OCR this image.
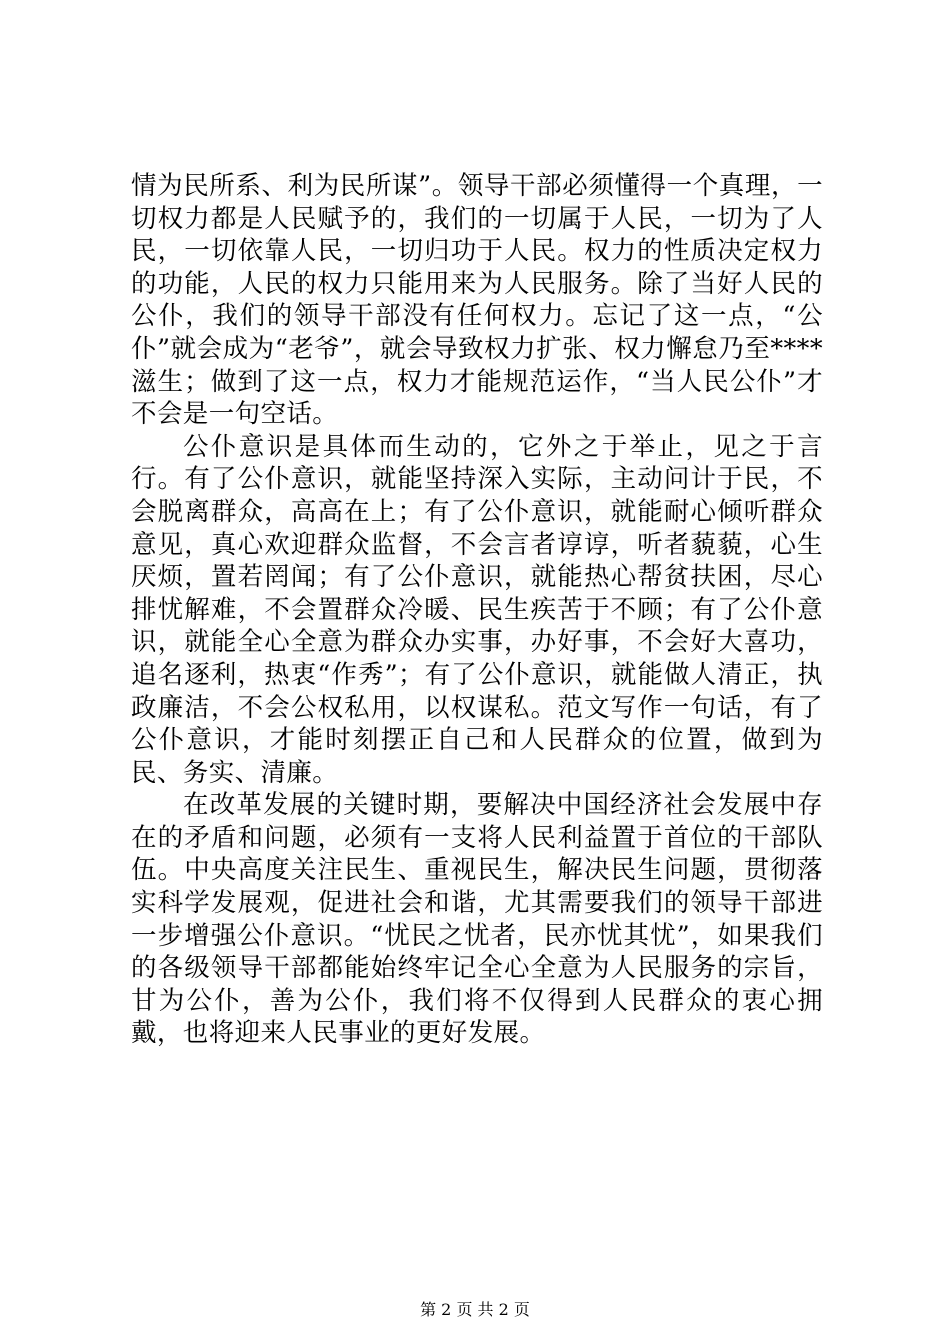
情为民所系、利为民所谋”。领导干部必须懂得一个真理，一切权力都是人民赋予的，我们的一切属于人民，一切为了人民，一切依靠人民，一切归功于人民。权力的性质决定权力的功能，人民的权力只能用来为人民服务。除了当好人民的公仆，我们的领导干部没有任何权力。忘记了这一点，“公仆”就会成为“老爷”，就会导致权力扩张、权力懈怠乃至****滋生；做到了这一点，权力才能规范运作，“当人民公仆”才不会是一句空话。

公仆意识是具体而生动的，它外之于举止，见之于言行。有了公仆意识，就能坚持深入实际，主动问计于民，不会脱离群众，高高在上；有了公仆意识，就能耐心倾听群众意见，真心欢迎群众监督，不会言者谆谆，听者藐藐，心生厌烦，置若罔闻；有了公仆意识，就能热心帮贫扶困，尽心排忧解难，不会置群众冷暖、民生疾苦于不顾；有了公仆意识，就能全心全意为群众办实事，办好事，不会好大喜功，追名逐利，热衷“作秀”；有了公仆意识，就能做人清正，执政廉洁，不会公权私用，以权谋私。范文写作一句话，有了公仆意识，才能时刻摆正自己和人民群众的位置，做到为民、务实、清廉。

在改革发展的关键时期，要解决中国经济社会发展中存在的矛盾和问题，必须有一支将人民利益置于首位的干部队伍。中央高度关注民生、重视民生，解决民生问题，贯彻落实科学发展观，促进社会和谐，尤其需要我们的领导干部进一步增强公仆意识。“忧民之忧者，民亦忧其忧”，如果我们的各级领导干部都能始终牢记全心全意为人民服务的宗旨，甘为公仆，善为公仆，我们将不仅得到人民群众的衷心拥戴，也将迎来人民事业的更好发展。

第 2 页 共 2 页
